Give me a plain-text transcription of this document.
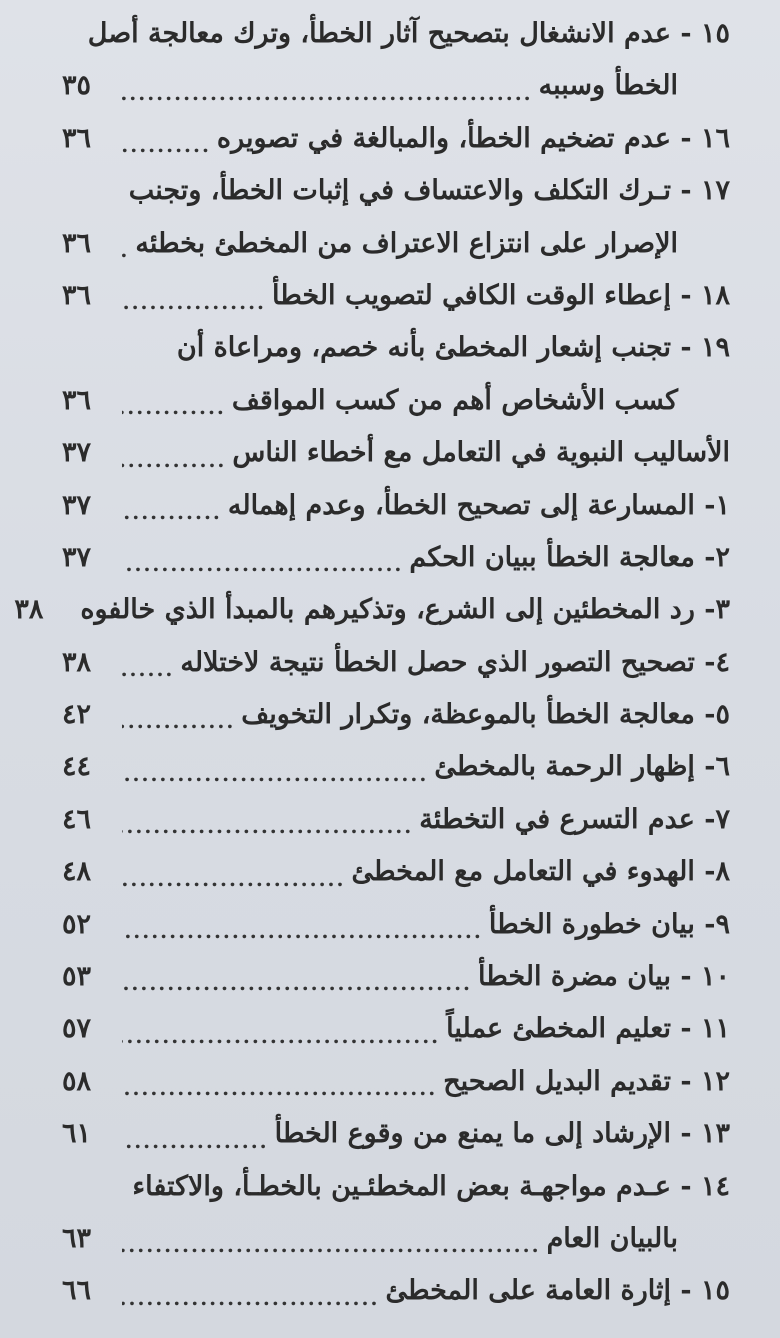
١٥ - عدم الانشغال بتصحيح آثار الخطأ، وترك معالجة أصل
الخطأ وسببه
.....
٣٥
١٦ - عدم تضخيم الخطأ، والمبالغة في تصويره
.....
٣٦
١٧ - تـرك التكلف والاعتساف في إثبات الخطأ، وتجنب
الإصرار على انتزاع الاعتراف من المخطئ بخطئه
.....
٣٦
١٨ - إعطاء الوقت الكافي لتصويب الخطأ
.....
٣٦
١٩ - تجنب إشعار المخطئ بأنه خصم، ومراعاة أن
كسب الأشخاص أهم من كسب المواقف
.....
٣٦
الأساليب النبوية في التعامل مع أخطاء الناس
.....
٣٧
١- المسارعة إلى تصحيح الخطأ، وعدم إهماله
.....
٣٧
٢- معالجة الخطأ ببيان الحكم
.....
٣٧
٣- رد المخطئين إلى الشرع، وتذكيرهم بالمبدأ الذي خالفوه
٣٨
٤- تصحيح التصور الذي حصل الخطأ نتيجة لاختلاله
.....
٣٨
٥- معالجة الخطأ بالموعظة، وتكرار التخويف
.....
٤٢
٦- إظهار الرحمة بالمخطئ
.....
٤٤
٧- عدم التسرع في التخطئة
.....
٤٦
٨- الهدوء في التعامل مع المخطئ
.....
٤٨
٩- بيان خطورة الخطأ
.....
٥٢
١٠ - بيان مضرة الخطأ
.....
٥٣
١١ - تعليم المخطئ عملياً
.....
٥٧
١٢ - تقديم البديل الصحيح
.....
٥٨
١٣ - الإرشاد إلى ما يمنع من وقوع الخطأ
.....
٦١
١٤ - عـدم مواجهـة بعض المخطئـين بالخطـأ، والاكتفاء
بالبيان العام
.....
٦٣
١٥ - إثارة العامة على المخطئ
.....
٦٦
